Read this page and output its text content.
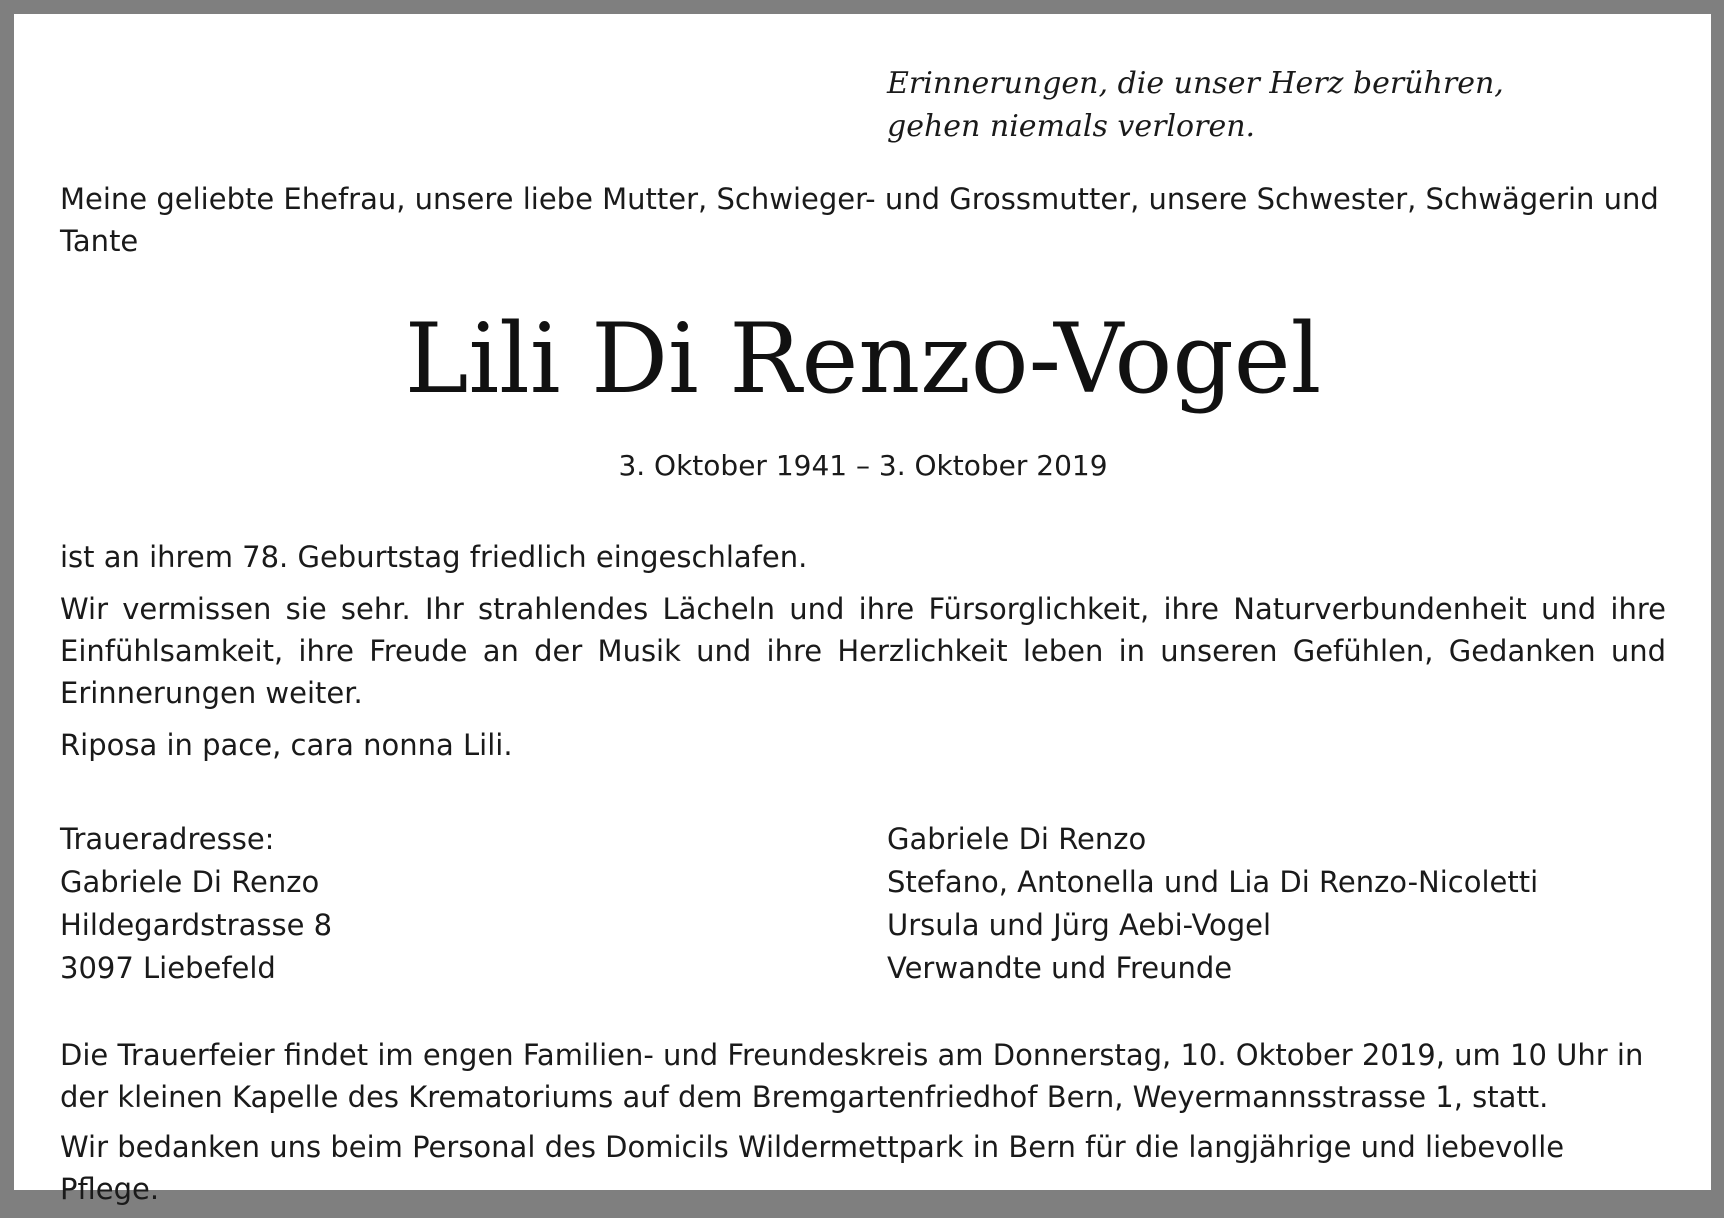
Erinnerungen, die unser Herz berühren,
gehen niemals verloren.
Meine geliebte Ehefrau, unsere liebe Mutter, Schwieger- und Grossmutter, unsere Schwester, Schwägerin und Tante
Lili Di Renzo-Vogel
3. Oktober 1941 – 3. Oktober 2019

ist an ihrem 78. Geburtstag friedlich eingeschlafen.

Wir vermissen sie sehr. Ihr strahlendes Lächeln und ihre Fürsorglichkeit, ihre Naturverbundenheit und ihre Einfühlsamkeit, ihre Freude an der Musik und ihre Herzlichkeit leben in unseren Gefühlen, Gedanken und Erinnerungen weiter.

Riposa in pace, cara nonna Lili.

Traueradresse:
Gabriele Di Renzo
Hildegardstrasse 8
3097 Liebefeld
Gabriele Di Renzo
Stefano, Antonella und Lia Di Renzo-Nicoletti
Ursula und Jürg Aebi-Vogel
Verwandte und Freunde

Die Trauerfeier findet im engen Familien- und Freundeskreis am Donnerstag, 10. Oktober 2019, um 10 Uhr in der kleinen Kapelle des Krematoriums auf dem Bremgartenfriedhof Bern, Weyermannsstrasse 1, statt.

Wir bedanken uns beim Personal des Domicils Wildermettpark in Bern für die langjährige und liebevolle Pflege.
